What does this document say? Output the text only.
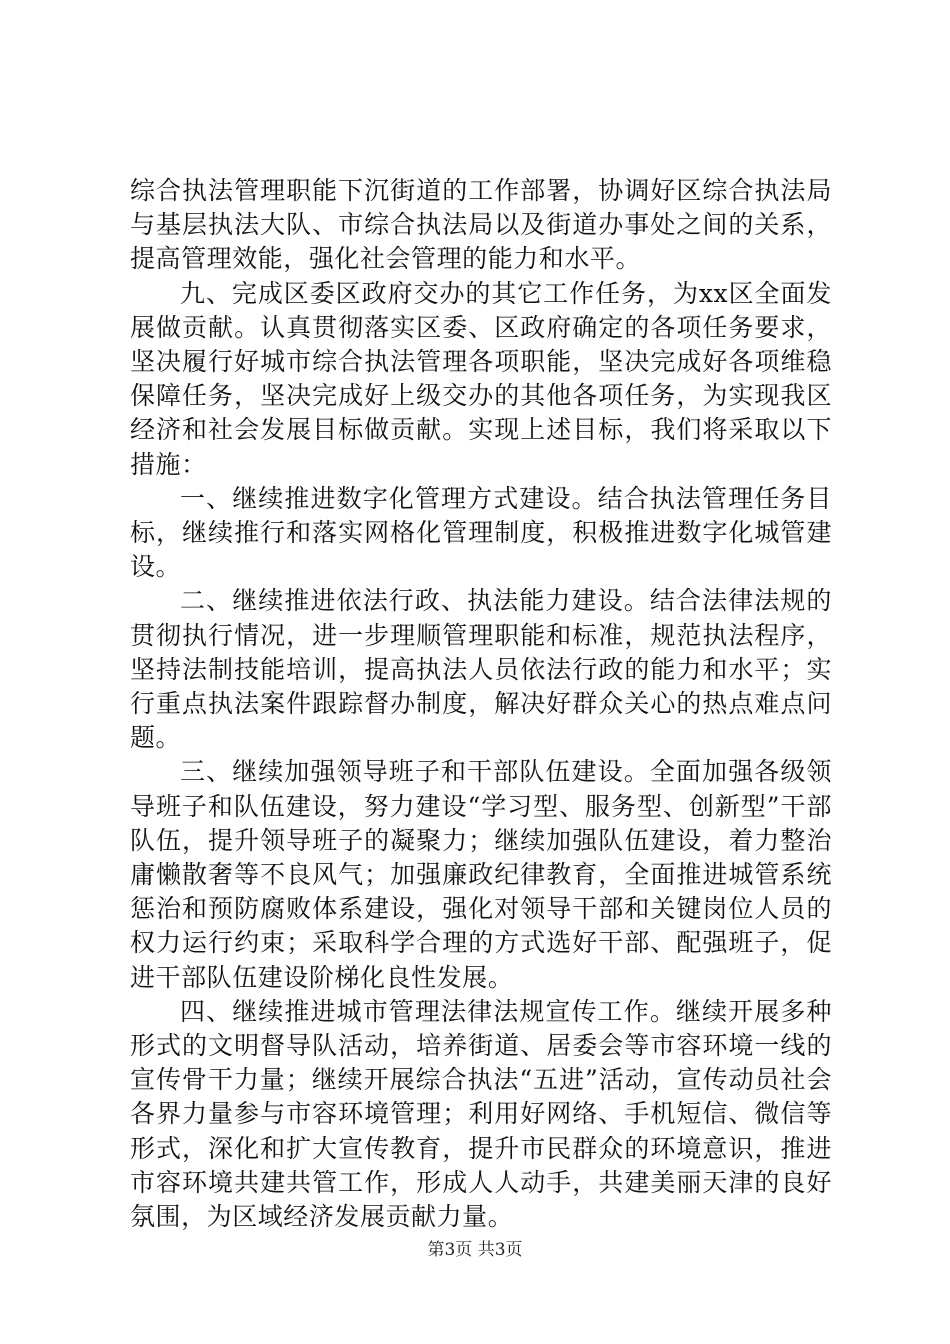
综合执法管理职能下沉街道的工作部署，协调好区综合执法局与基层执法大队、市综合执法局以及街道办事处之间的关系，提高管理效能，强化社会管理的能力和水平。

九、完成区委区政府交办的其它工作任务，为xx区全面发展做贡献。认真贯彻落实区委、区政府确定的各项任务要求，坚决履行好城市综合执法管理各项职能，坚决完成好各项维稳保障任务，坚决完成好上级交办的其他各项任务，为实现我区经济和社会发展目标做贡献。实现上述目标，我们将采取以下措施：

一、继续推进数字化管理方式建设。结合执法管理任务目标，继续推行和落实网格化管理制度，积极推进数字化城管建设。

二、继续推进依法行政、执法能力建设。结合法律法规的贯彻执行情况，进一步理顺管理职能和标准，规范执法程序，坚持法制技能培训，提高执法人员依法行政的能力和水平；实行重点执法案件跟踪督办制度，解决好群众关心的热点难点问题。

三、继续加强领导班子和干部队伍建设。全面加强各级领导班子和队伍建设，努力建设“学习型、服务型、创新型”干部队伍，提升领导班子的凝聚力；继续加强队伍建设，着力整治庸懒散奢等不良风气；加强廉政纪律教育，全面推进城管系统惩治和预防腐败体系建设，强化对领导干部和关键岗位人员的权力运行约束；采取科学合理的方式选好干部、配强班子，促进干部队伍建设阶梯化良性发展。

四、继续推进城市管理法律法规宣传工作。继续开展多种形式的文明督导队活动，培养街道、居委会等市容环境一线的宣传骨干力量；继续开展综合执法“五进”活动，宣传动员社会各界力量参与市容环境管理；利用好网络、手机短信、微信等形式，深化和扩大宣传教育，提升市民群众的环境意识，推进市容环境共建共管工作，形成人人动手，共建美丽天津的良好氛围，为区域经济发展贡献力量。

第3页 共3页
